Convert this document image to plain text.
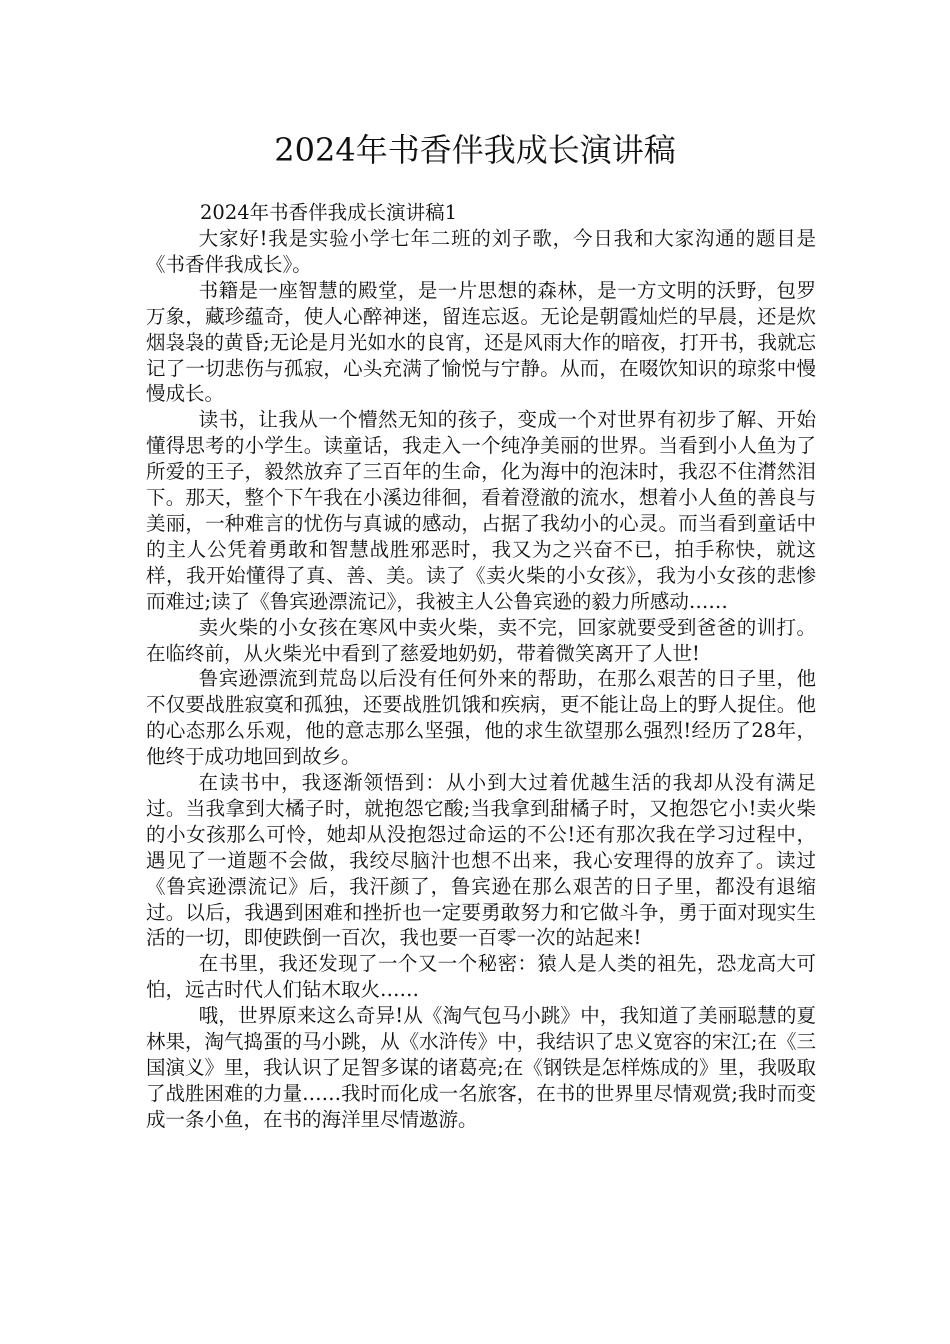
2024年书香伴我成长演讲稿

2024年书香伴我成长演讲稿1

大家好!我是实验小学七年二班的刘子歌，今日我和大家沟通的题目是《书香伴我成长》。

书籍是一座智慧的殿堂，是一片思想的森林，是一方文明的沃野，包罗万象，藏珍蕴奇，使人心醉神迷，留连忘返。无论是朝霞灿烂的早晨，还是炊烟袅袅的黄昏;无论是月光如水的良宵，还是风雨大作的暗夜，打开书，我就忘记了一切悲伤与孤寂，心头充满了愉悦与宁静。从而，在啜饮知识的琼浆中慢慢成长。

读书，让我从一个懵然无知的孩子，变成一个对世界有初步了解、开始懂得思考的小学生。读童话，我走入一个纯净美丽的世界。当看到小人鱼为了所爱的王子，毅然放弃了三百年的生命，化为海中的泡沫时，我忍不住潸然泪下。那天，整个下午我在小溪边徘徊，看着澄澈的流水，想着小人鱼的善良与美丽，一种难言的忧伤与真诚的感动，占据了我幼小的心灵。而当看到童话中的主人公凭着勇敢和智慧战胜邪恶时，我又为之兴奋不已，拍手称快，就这样，我开始懂得了真、善、美。读了《卖火柴的小女孩》，我为小女孩的悲惨而难过;读了《鲁宾逊漂流记》，我被主人公鲁宾逊的毅力所感动……

卖火柴的小女孩在寒风中卖火柴，卖不完，回家就要受到爸爸的训打。在临终前，从火柴光中看到了慈爱地奶奶，带着微笑离开了人世!

鲁宾逊漂流到荒岛以后没有任何外来的帮助，在那么艰苦的日子里，他不仅要战胜寂寞和孤独，还要战胜饥饿和疾病，更不能让岛上的野人捉住。他的心态那么乐观，他的意志那么坚强，他的求生欲望那么强烈!经历了28年，他终于成功地回到故乡。

在读书中，我逐渐领悟到：从小到大过着优越生活的我却从没有满足过。当我拿到大橘子时，就抱怨它酸;当我拿到甜橘子时，又抱怨它小!卖火柴的小女孩那么可怜，她却从没抱怨过命运的不公!还有那次我在学习过程中，遇见了一道题不会做，我绞尽脑汁也想不出来，我心安理得的放弃了。读过《鲁宾逊漂流记》后，我汗颜了，鲁宾逊在那么艰苦的日子里，都没有退缩过。以后，我遇到困难和挫折也一定要勇敢努力和它做斗争，勇于面对现实生活的一切，即使跌倒一百次，我也要一百零一次的站起来!

在书里，我还发现了一个又一个秘密：猿人是人类的祖先，恐龙高大可怕，远古时代人们钻木取火……

哦，世界原来这么奇异!从《淘气包马小跳》中，我知道了美丽聪慧的夏林果，淘气捣蛋的马小跳，从《水浒传》中，我结识了忠义宽容的宋江;在《三国演义》里，我认识了足智多谋的诸葛亮;在《钢铁是怎样炼成的》里，我吸取了战胜困难的力量……我时而化成一名旅客，在书的世界里尽情观赏;我时而变成一条小鱼，在书的海洋里尽情遨游。
